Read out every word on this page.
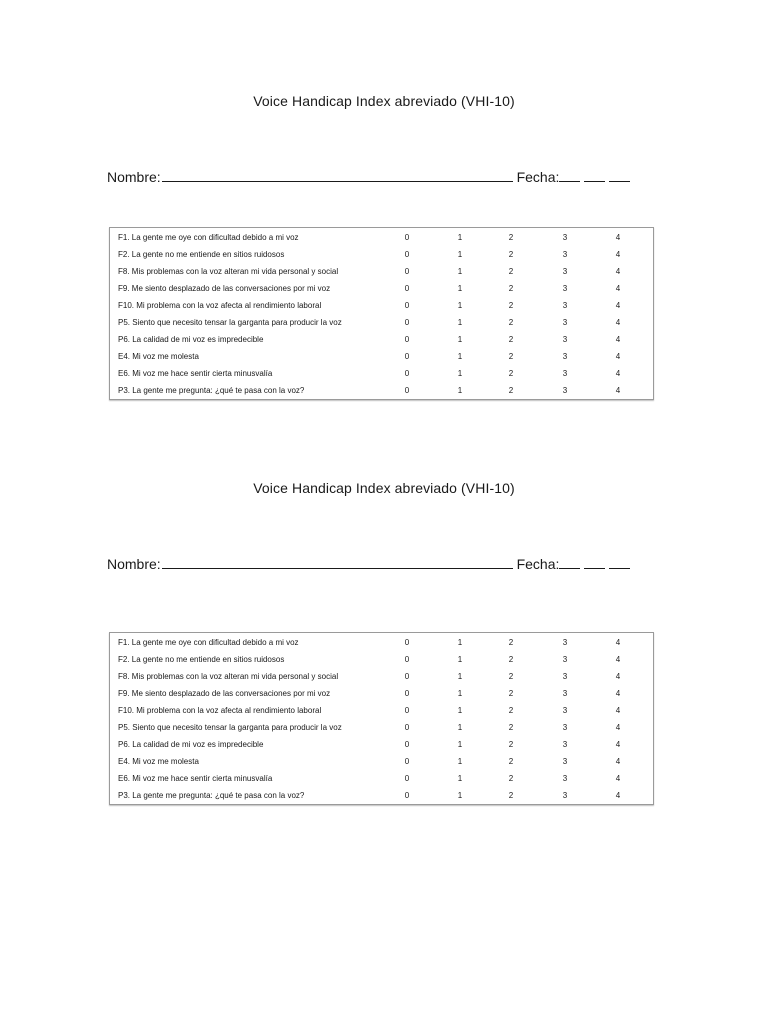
Voice Handicap Index abreviado (VHI-10)
Nombre:	Fecha:
F1. La gente me oye con dificultad debido a mi voz	0	1	2	3	4
F2. La gente no me entiende en sitios ruidosos	0	1	2	3	4
F8. Mis problemas con la voz alteran mi vida personal y social	0	1	2	3	4
F9. Me siento desplazado de las conversaciones por mi voz	0	1	2	3	4
F10. Mi problema con la voz afecta al rendimiento laboral	0	1	2	3	4
P5. Siento que necesito tensar la garganta para producir la voz	0	1	2	3	4
P6. La calidad de mi voz es impredecible	0	1	2	3	4
E4. Mi voz me molesta	0	1	2	3	4
E6. Mi voz me hace sentir cierta minusvalía	0	1	2	3	4
P3. La gente me pregunta: ¿qué te pasa con la voz?	0	1	2	3	4
Voice Handicap Index abreviado (VHI-10)
Nombre:	Fecha:
F1. La gente me oye con dificultad debido a mi voz	0	1	2	3	4
F2. La gente no me entiende en sitios ruidosos	0	1	2	3	4
F8. Mis problemas con la voz alteran mi vida personal y social	0	1	2	3	4
F9. Me siento desplazado de las conversaciones por mi voz	0	1	2	3	4
F10. Mi problema con la voz afecta al rendimiento laboral	0	1	2	3	4
P5. Siento que necesito tensar la garganta para producir la voz	0	1	2	3	4
P6. La calidad de mi voz es impredecible	0	1	2	3	4
E4. Mi voz me molesta	0	1	2	3	4
E6. Mi voz me hace sentir cierta minusvalía	0	1	2	3	4
P3. La gente me pregunta: ¿qué te pasa con la voz?	0	1	2	3	4
